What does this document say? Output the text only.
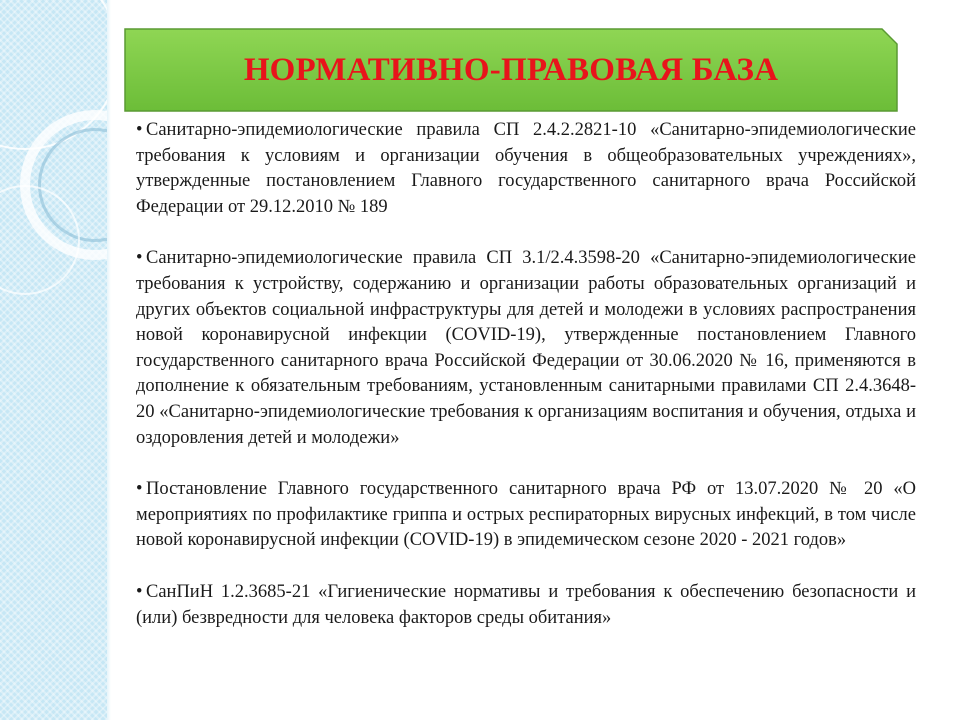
НОРМАТИВНО-ПРАВОВАЯ БАЗА

• Санитарно-эпидемиологические правила СП 2.4.2.2821-10 «Санитарно-эпидемиологические требования к условиям и организации обучения в общеобразовательных учреждениях», утвержденные постановлением Главного государственного санитарного врача Российской Федерации от 29.12.2010 № 189

• Санитарно-эпидемиологические правила СП 3.1/2.4.3598-20 «Санитарно-эпидемиологические требования к устройству, содержанию и организации работы образовательных организаций и других объектов социальной инфраструктуры для детей и молодежи в условиях распространения новой коронавирусной инфекции (COVID-19), утвержденные постановлением Главного государственного санитарного врача Российской Федерации от 30.06.2020 № 16, применяются в дополнение к обязательным требованиям, установленным санитарными правилами СП 2.4.3648-20 «Санитарно-эпидемиологические требования к организациям воспитания и обучения, отдыха и оздоровления детей и молодежи»

• Постановление Главного государственного санитарного врача РФ от 13.07.2020 № 20 «О мероприятиях по профилактике гриппа и острых респираторных вирусных инфекций, в том числе новой коронавирусной инфекции (COVID-19) в эпидемическом сезоне 2020 - 2021 годов»

• СанПиН 1.2.3685-21 «Гигиенические нормативы и требования к обеспечению безопасности и (или) безвредности для человека факторов среды обитания»
